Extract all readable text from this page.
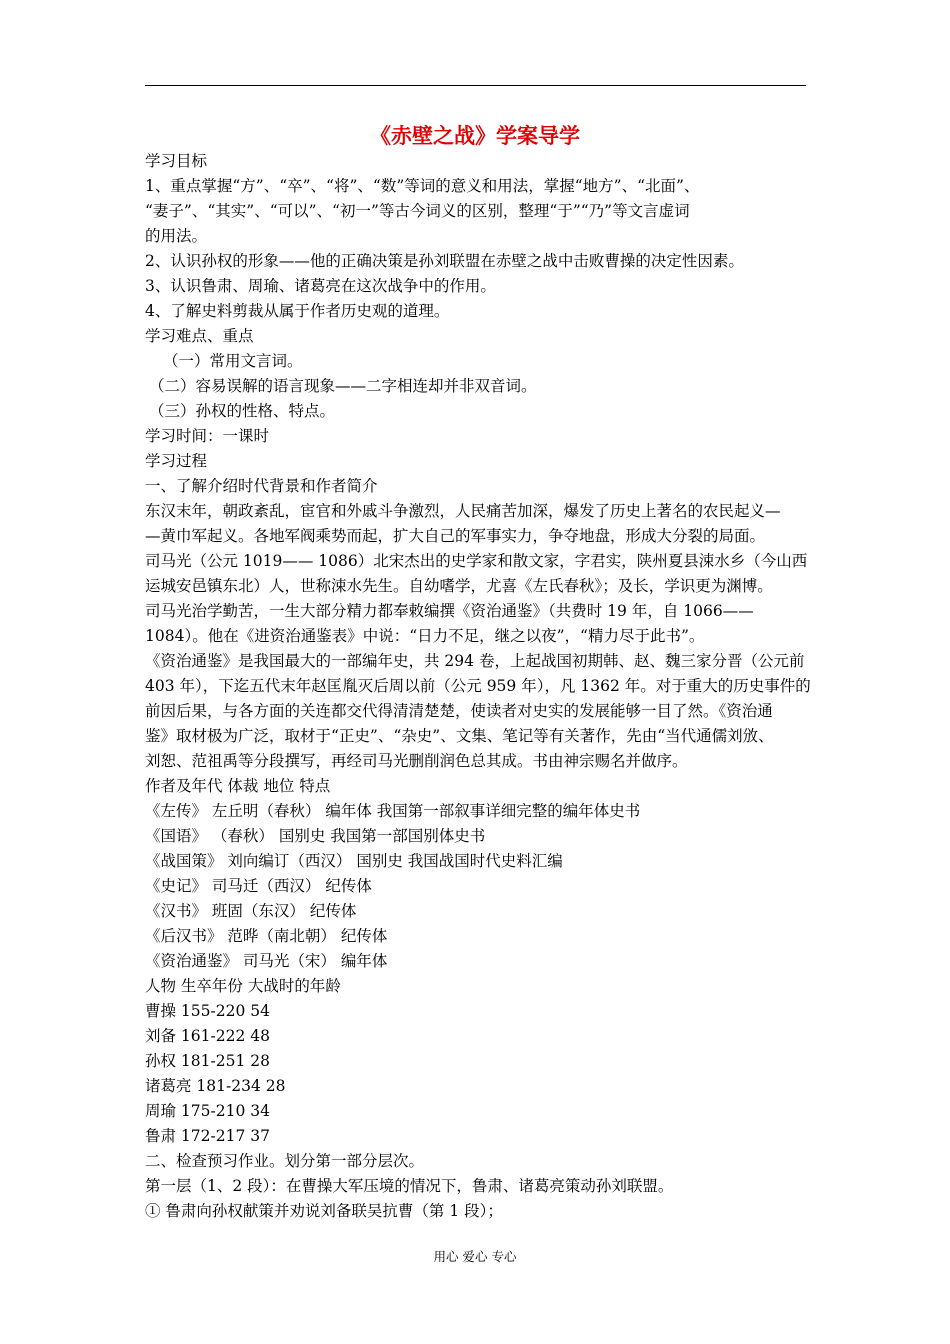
《赤壁之战》学案导学
学习目标
1、重点掌握“方”、“卒”、“将”、“数”等词的意义和用法，掌握“地方”、“北面”、
“妻子”、“其实”、“可以”、“初一”等古今词义的区别，整理“于”“乃”等文言虚词
的用法。
2、认识孙权的形象——他的正确决策是孙刘联盟在赤壁之战中击败曹操的决定性因素。
3、认识鲁肃、周瑜、诸葛亮在这次战争中的作用。
4、了解史料剪裁从属于作者历史观的道理。
学习难点、重点
（一）常用文言词。
（二）容易误解的语言现象——二字相连却并非双音词。
（三）孙权的性格、特点。
学习时间：一课时
学习过程
一、了解介绍时代背景和作者简介
东汉末年，朝政紊乱，宦官和外戚斗争激烈，人民痛苦加深，爆发了历史上著名的农民起义—
—黄巾军起义。各地军阀乘势而起，扩大自己的军事实力，争夺地盘，形成大分裂的局面。
司马光（公元 1019—— 1086）北宋杰出的史学家和散文家，字君实，陕州夏县涑水乡（今山西
运城安邑镇东北）人，世称涑水先生。自幼嗜学，尤喜《左氏春秋》；及长，学识更为渊博。
司马光治学勤苦，一生大部分精力都奉敕编撰《资治通鉴》（共费时 19 年，自 1066——
1084）。他在《进资治通鉴表》中说：“日力不足，继之以夜”，“精力尽于此书”。
《资治通鉴》是我国最大的一部编年史，共 294 卷，上起战国初期韩、赵、魏三家分晋（公元前
403 年），下迄五代末年赵匡胤灭后周以前（公元 959 年），凡 1362 年。对于重大的历史事件的
前因后果，与各方面的关连都交代得清清楚楚，使读者对史实的发展能够一目了然。《资治通
鉴》取材极为广泛，取材于“正史”、“杂史”、文集、笔记等有关著作，先由“当代通儒刘攽、
刘恕、范祖禹等分段撰写，再经司马光删削润色总其成。书由神宗赐名并做序。
作者及年代 体裁 地位 特点
《左传》 左丘明（春秋） 编年体 我国第一部叙事详细完整的编年体史书
《国语》 （春秋） 国别史 我国第一部国别体史书
《战国策》 刘向编订（西汉） 国别史 我国战国时代史料汇编
《史记》 司马迁（西汉） 纪传体
《汉书》 班固（东汉） 纪传体
《后汉书》 范晔（南北朝） 纪传体
《资治通鉴》 司马光（宋） 编年体
人物 生卒年份 大战时的年龄
曹操 155-220 54
刘备 161-222 48
孙权 181-251 28
诸葛亮 181-234 28
周瑜 175-210 34
鲁肃 172-217 37
二、检查预习作业。划分第一部分层次。
第一层（1、2 段）：在曹操大军压境的情况下，鲁肃、诸葛亮策动孙刘联盟。
① 鲁肃向孙权献策并劝说刘备联吴抗曹（第 1 段）；
用心 爱心 专心
